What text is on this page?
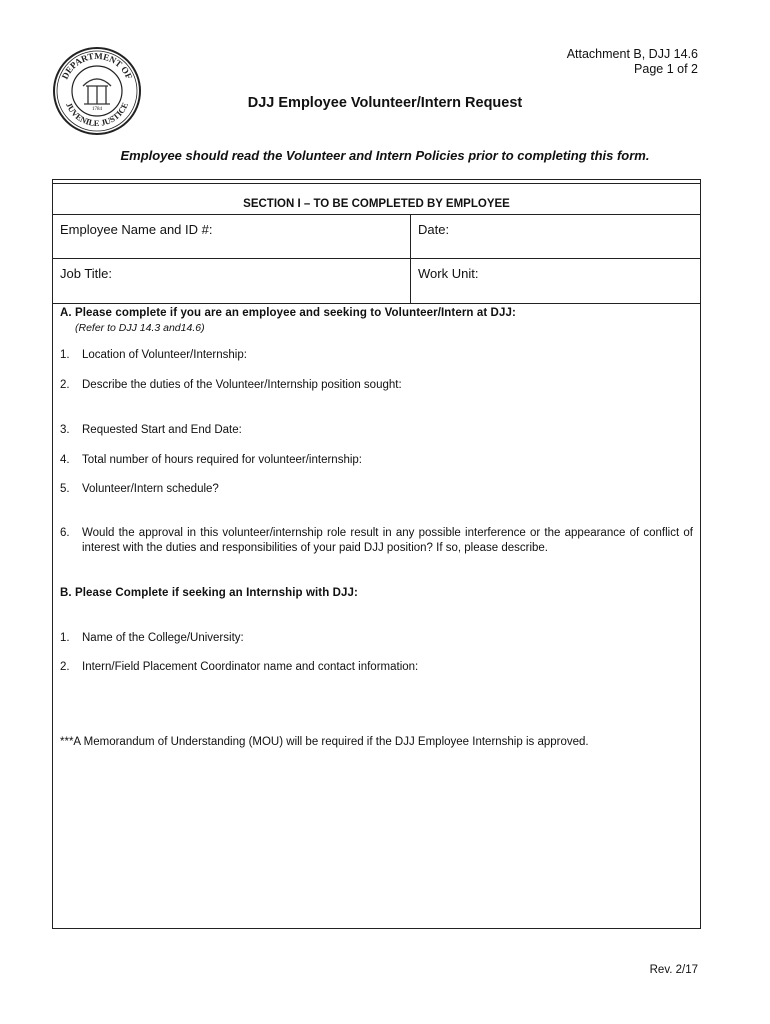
DEPARTMENT OF
JUVENILE JUSTICE
1784
Attachment B, DJJ 14.6
Page 1 of 2
DJJ Employee Volunteer/Intern Request
Employee should read the Volunteer and Intern Policies prior to completing this form.
SECTION I – TO BE COMPLETED BY EMPLOYEE
Employee Name and ID #:	Date:
Job Title:	Work Unit:
A. Please complete if you are an employee and seeking to Volunteer/Intern at DJJ:
(Refer to DJJ 14.3 and14.6)
1.	Location of Volunteer/Internship:
2.	Describe the duties of the Volunteer/Internship position sought:
3.	Requested Start and End Date:
4.	Total number of hours required for volunteer/internship:
5.	Volunteer/Intern schedule?
6.	Would the approval in this volunteer/internship role result in any possible interference or the appearance of conflict of interest with the duties and responsibilities of your paid DJJ position? If so, please describe.
B. Please Complete if seeking an Internship with DJJ:
1.	Name of the College/University:
2.	Intern/Field Placement Coordinator name and contact information:
***A Memorandum of Understanding (MOU) will be required if the DJJ Employee Internship is approved.
Rev. 2/17
